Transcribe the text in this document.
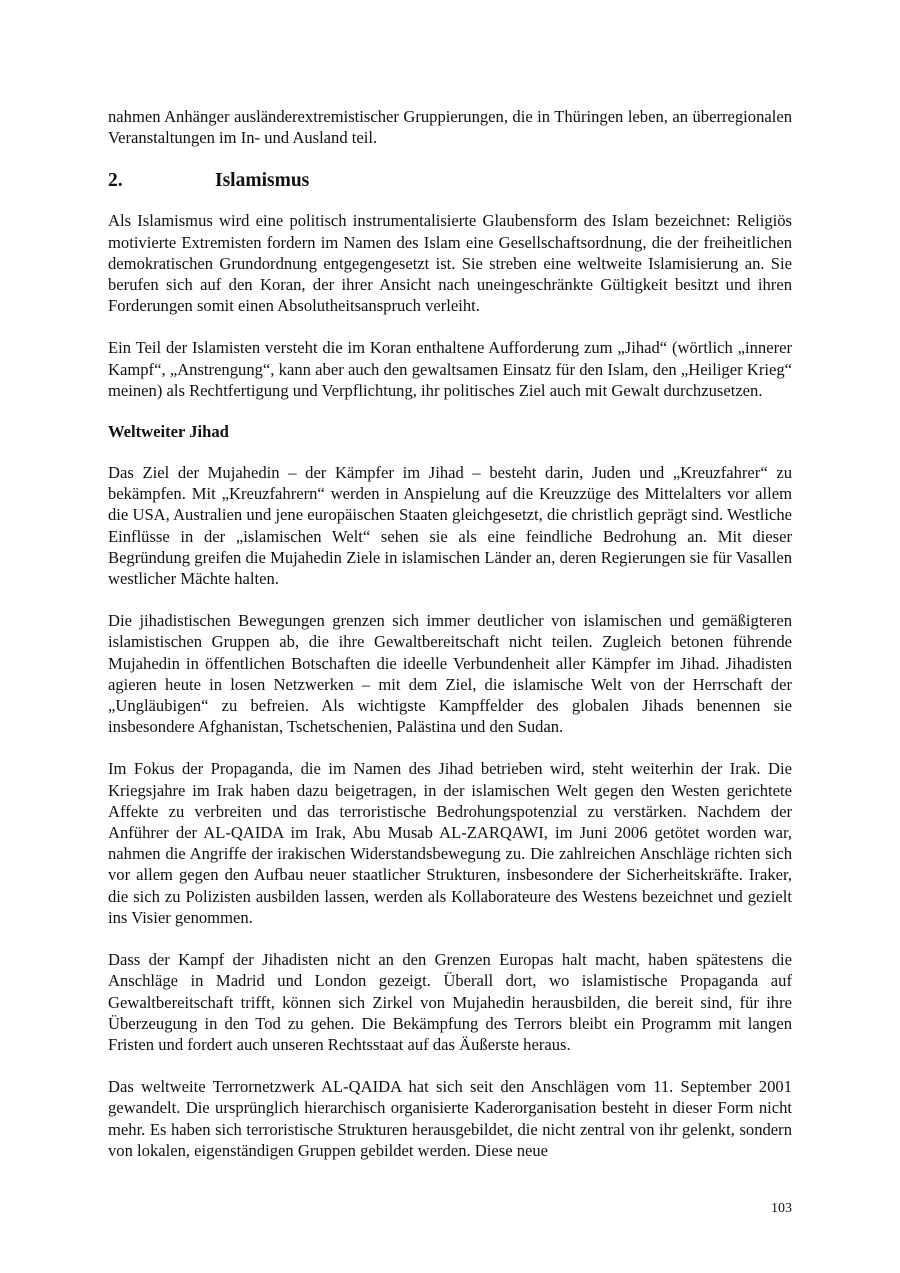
nahmen Anhänger ausländerextremistischer Gruppierungen, die in Thüringen leben, an überregionalen Veranstaltungen im In- und Ausland teil.

2.	Islamismus

Als Islamismus wird eine politisch instrumentalisierte Glaubensform des Islam bezeichnet: Religiös motivierte Extremisten fordern im Namen des Islam eine Gesellschaftsordnung, die der freiheitlichen demokratischen Grundordnung entgegengesetzt ist. Sie streben eine weltweite Islamisierung an. Sie berufen sich auf den Koran, der ihrer Ansicht nach uneingeschränkte Gültigkeit besitzt und ihren Forderungen somit einen Absolutheitsanspruch verleiht.

Ein Teil der Islamisten versteht die im Koran enthaltene Aufforderung zum „Jihad“ (wörtlich „innerer Kampf“, „Anstrengung“, kann aber auch den gewaltsamen Einsatz für den Islam, den „Heiliger Krieg“ meinen) als Rechtfertigung und Verpflichtung, ihr politisches Ziel auch mit Gewalt durchzusetzen.

Weltweiter Jihad

Das Ziel der Mujahedin – der Kämpfer im Jihad – besteht darin, Juden und „Kreuzfahrer“ zu bekämpfen. Mit „Kreuzfahrern“ werden in Anspielung auf die Kreuzzüge des Mittelalters vor allem die USA, Australien und jene europäischen Staaten gleichgesetzt, die christlich geprägt sind. Westliche Einflüsse in der „islamischen Welt“ sehen sie als eine feindliche Bedrohung an. Mit dieser Begründung greifen die Mujahedin Ziele in islamischen Länder an, deren Regierungen sie für Vasallen westlicher Mächte halten.

Die jihadistischen Bewegungen grenzen sich immer deutlicher von islamischen und gemäßigteren islamistischen Gruppen ab, die ihre Gewaltbereitschaft nicht teilen. Zugleich betonen führende Mujahedin in öffentlichen Botschaften die ideelle Verbundenheit aller Kämpfer im Jihad. Jihadisten agieren heute in losen Netzwerken – mit dem Ziel, die islamische Welt von der Herrschaft der „Ungläubigen“ zu befreien. Als wichtigste Kampffelder des globalen Jihads benennen sie insbesondere Afghanistan, Tschetschenien, Palästina und den Sudan.

Im Fokus der Propaganda, die im Namen des Jihad betrieben wird, steht weiterhin der Irak. Die Kriegsjahre im Irak haben dazu beigetragen, in der islamischen Welt gegen den Westen gerichtete Affekte zu verbreiten und das terroristische Bedrohungspotenzial zu verstärken. Nachdem der Anführer der AL-QAIDA im Irak, Abu Musab AL-ZARQAWI, im Juni 2006 getötet worden war, nahmen die Angriffe der irakischen Widerstandsbewegung zu. Die zahlreichen Anschläge richten sich vor allem gegen den Aufbau neuer staatlicher Strukturen, insbesondere der Sicherheitskräfte. Iraker, die sich zu Polizisten ausbilden lassen, werden als Kollaborateure des Westens bezeichnet und gezielt ins Visier genommen.

Dass der Kampf der Jihadisten nicht an den Grenzen Europas halt macht, haben spätestens die Anschläge in Madrid und London gezeigt. Überall dort, wo islamistische Propaganda auf Gewaltbereitschaft trifft, können sich Zirkel von Mujahedin herausbilden, die bereit sind, für ihre Überzeugung in den Tod zu gehen. Die Bekämpfung des Terrors bleibt ein Programm mit langen Fristen und fordert auch unseren Rechtsstaat auf das Äußerste heraus.

Das weltweite Terrornetzwerk AL-QAIDA hat sich seit den Anschlägen vom 11. September 2001 gewandelt. Die ursprünglich hierarchisch organisierte Kaderorganisation besteht in dieser Form nicht mehr. Es haben sich terroristische Strukturen herausgebildet, die nicht zentral von ihr gelenkt, sondern von lokalen, eigenständigen Gruppen gebildet werden. Diese neue

103
